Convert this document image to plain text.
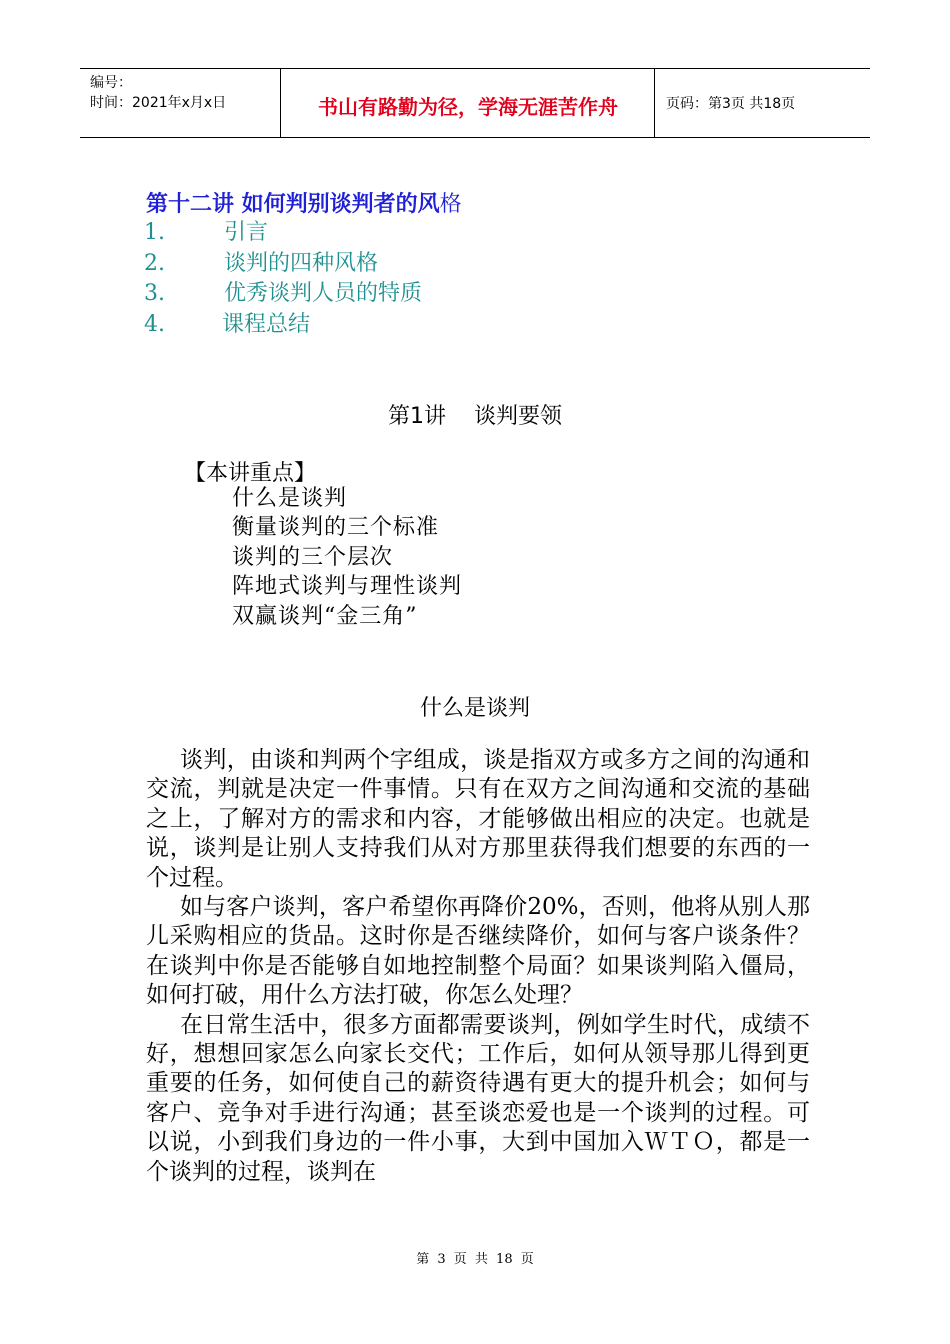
编号：
时间：2021年x月x日	书山有路勤为径，学海无涯苦作舟	页码：第3页 共18页
第十二讲 如何判别谈判者的风格
1.	引言
2.	谈判的四种风格
3.	优秀谈判人员的特质
4.	课程总结
第1讲    谈判要领
【本讲重点】
什么是谈判
衡量谈判的三个标准
谈判的三个层次
阵地式谈判与理性谈判
双赢谈判“金三角”
什么是谈判

谈判，由谈和判两个字组成，谈是指双方或多方之间的沟通和交流，判就是决定一件事情。只有在双方之间沟通和交流的基础之上，了解对方的需求和内容，才能够做出相应的决定。也就是说，谈判是让别人支持我们从对方那里获得我们想要的东西的一个过程。

如与客户谈判，客户希望你再降价20%，否则，他将从别人那儿采购相应的货品。这时你是否继续降价，如何与客户谈条件？在谈判中你是否能够自如地控制整个局面？如果谈判陷入僵局，如何打破，用什么方法打破，你怎么处理？

在日常生活中，很多方面都需要谈判，例如学生时代，成绩不好，想想回家怎么向家长交代；工作后，如何从领导那儿得到更重要的任务，如何使自己的薪资待遇有更大的提升机会；如何与客户、竞争对手进行沟通；甚至谈恋爱也是一个谈判的过程。可以说，小到我们身边的一件小事，大到中国加入ＷＴＯ，都是一个谈判的过程，谈判在

第 3 页 共 18 页
